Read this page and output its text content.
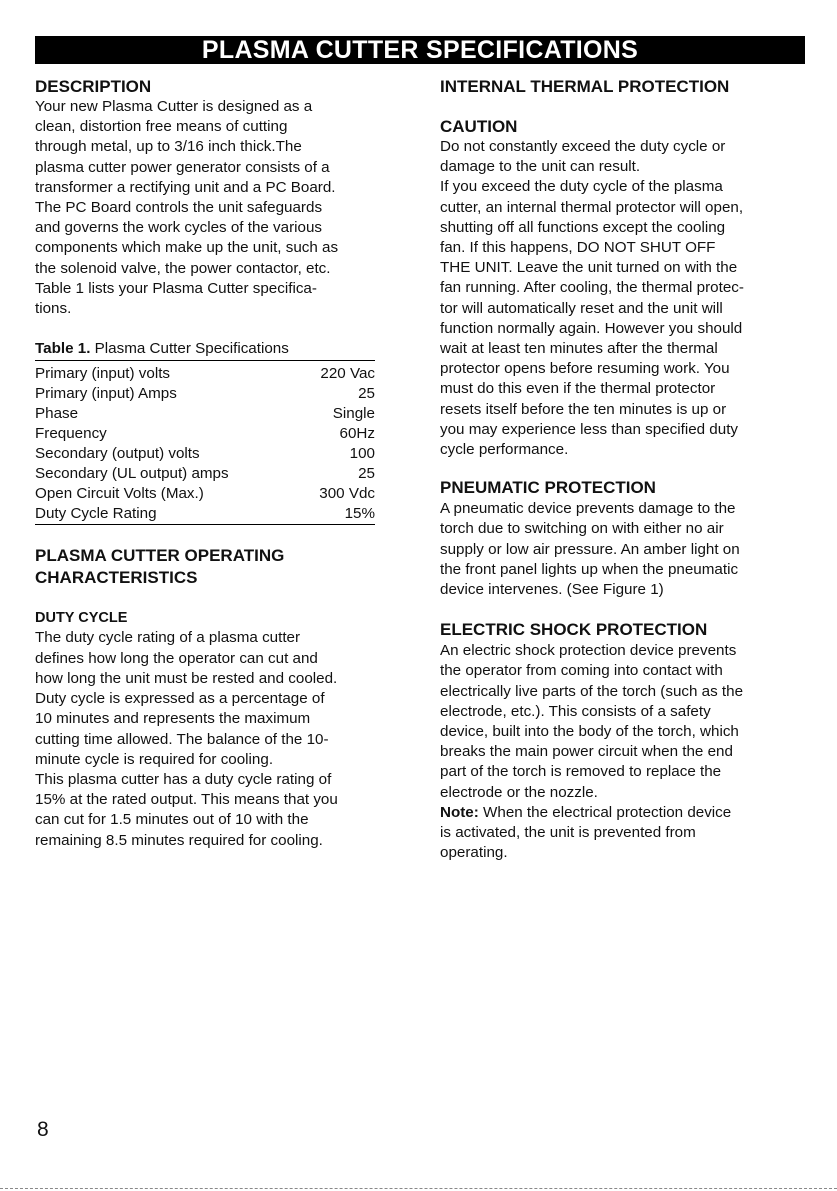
PLASMA CUTTER SPECIFICATIONS
DESCRIPTION

Your new Plasma Cutter is designed as a

clean, distortion free means of cutting

through metal, up to 3/16 inch thick.The

plasma cutter power generator consists of a

transformer a rectifying unit and a PC Board.

The PC Board controls the unit safeguards

and governs the work cycles of the various

components which make up the unit, such as

the solenoid valve, the power contactor, etc.

Table 1 lists your Plasma Cutter specifica-

tions.

Table 1. Plasma Cutter Specifications
Primary (input) volts	220 Vac
Primary (input) Amps	25
Phase	Single
Frequency	60Hz
Secondary (output) volts	100
Secondary (UL output) amps	25
Open Circuit Volts (Max.)	300 Vdc
Duty Cycle Rating	15%
PLASMA CUTTER OPERATING
CHARACTERISTICS
DUTY CYCLE

The duty cycle rating of a plasma cutter

defines how long the operator can cut and

how long the unit must be rested and cooled.

Duty cycle is expressed as a percentage of

10 minutes and represents the maximum

cutting time allowed. The balance of the 10-

minute cycle is required for cooling.

This plasma cutter has a duty cycle rating of

15% at the rated output. This means that you

can cut for 1.5 minutes out of 10 with the

remaining 8.5 minutes required for cooling.

INTERNAL THERMAL PROTECTION
CAUTION

Do not constantly exceed the duty cycle or

damage to the unit can result.

If you exceed the duty cycle of the plasma

cutter, an internal thermal protector will open,

shutting off all functions except the cooling

fan. If this happens, DO NOT SHUT OFF

THE UNIT. Leave the unit turned on with the

fan running. After cooling, the thermal protec-

tor will automatically reset and the unit will

function normally again. However you should

wait at least ten minutes after the thermal

protector opens before resuming work. You

must do this even if the thermal protector

resets itself before the ten minutes is up or

you may experience less than specified duty

cycle performance.

PNEUMATIC PROTECTION

A pneumatic device prevents damage to the

torch due to switching on with either no air

supply or low air pressure. An amber light on

the front panel lights up when the pneumatic

device intervenes. (See Figure 1)

ELECTRIC SHOCK PROTECTION

An electric shock protection device prevents

the operator from coming into contact with

electrically live parts of the torch (such as the

electrode, etc.). This consists of a safety

device, built into the body of the torch, which

breaks the main power circuit when the end

part of the torch is removed to replace the

electrode or the nozzle.

Note: When the electrical protection device

is activated, the unit is prevented from

operating.

8
